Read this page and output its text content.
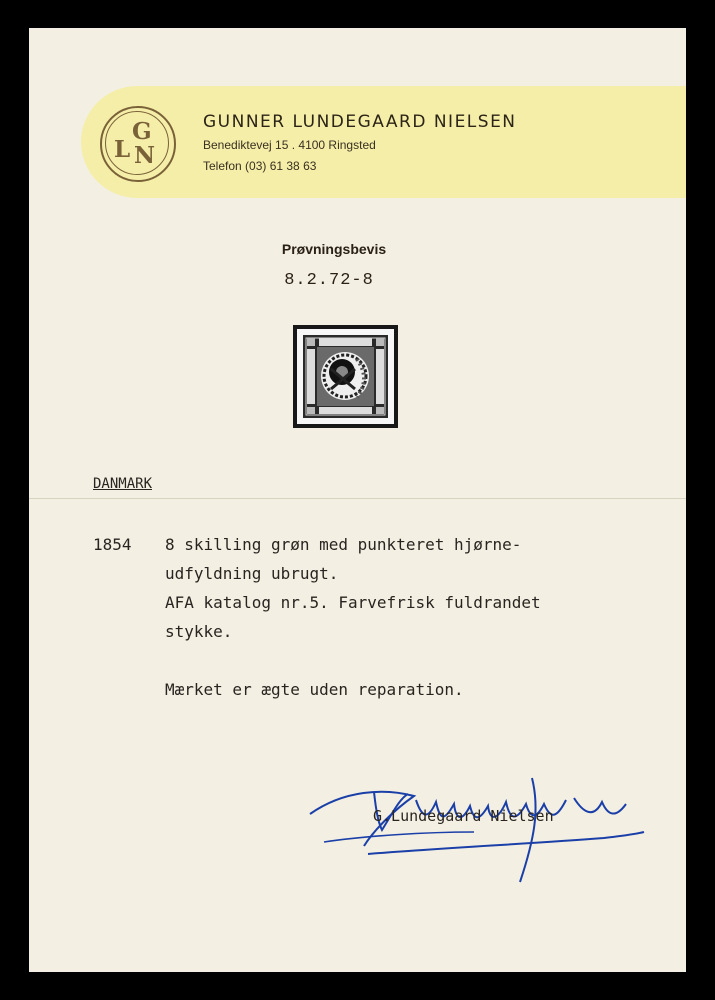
L
G
N
GUNNER LUNDEGAARD NIELSEN
Benediktevej 15 . 4100 Ringsted
Telefon (03) 61 38 63
Prøvningsbevis
8.2.72-8
DANMARK
1854 8 skilling grøn med punkteret hjørne-
udfyldning ubrugt.
AFA katalog nr.5. Farvefrisk fuldrandet
stykke.
Mærket er ægte uden reparation.
G.Lundegaard Nielsen
